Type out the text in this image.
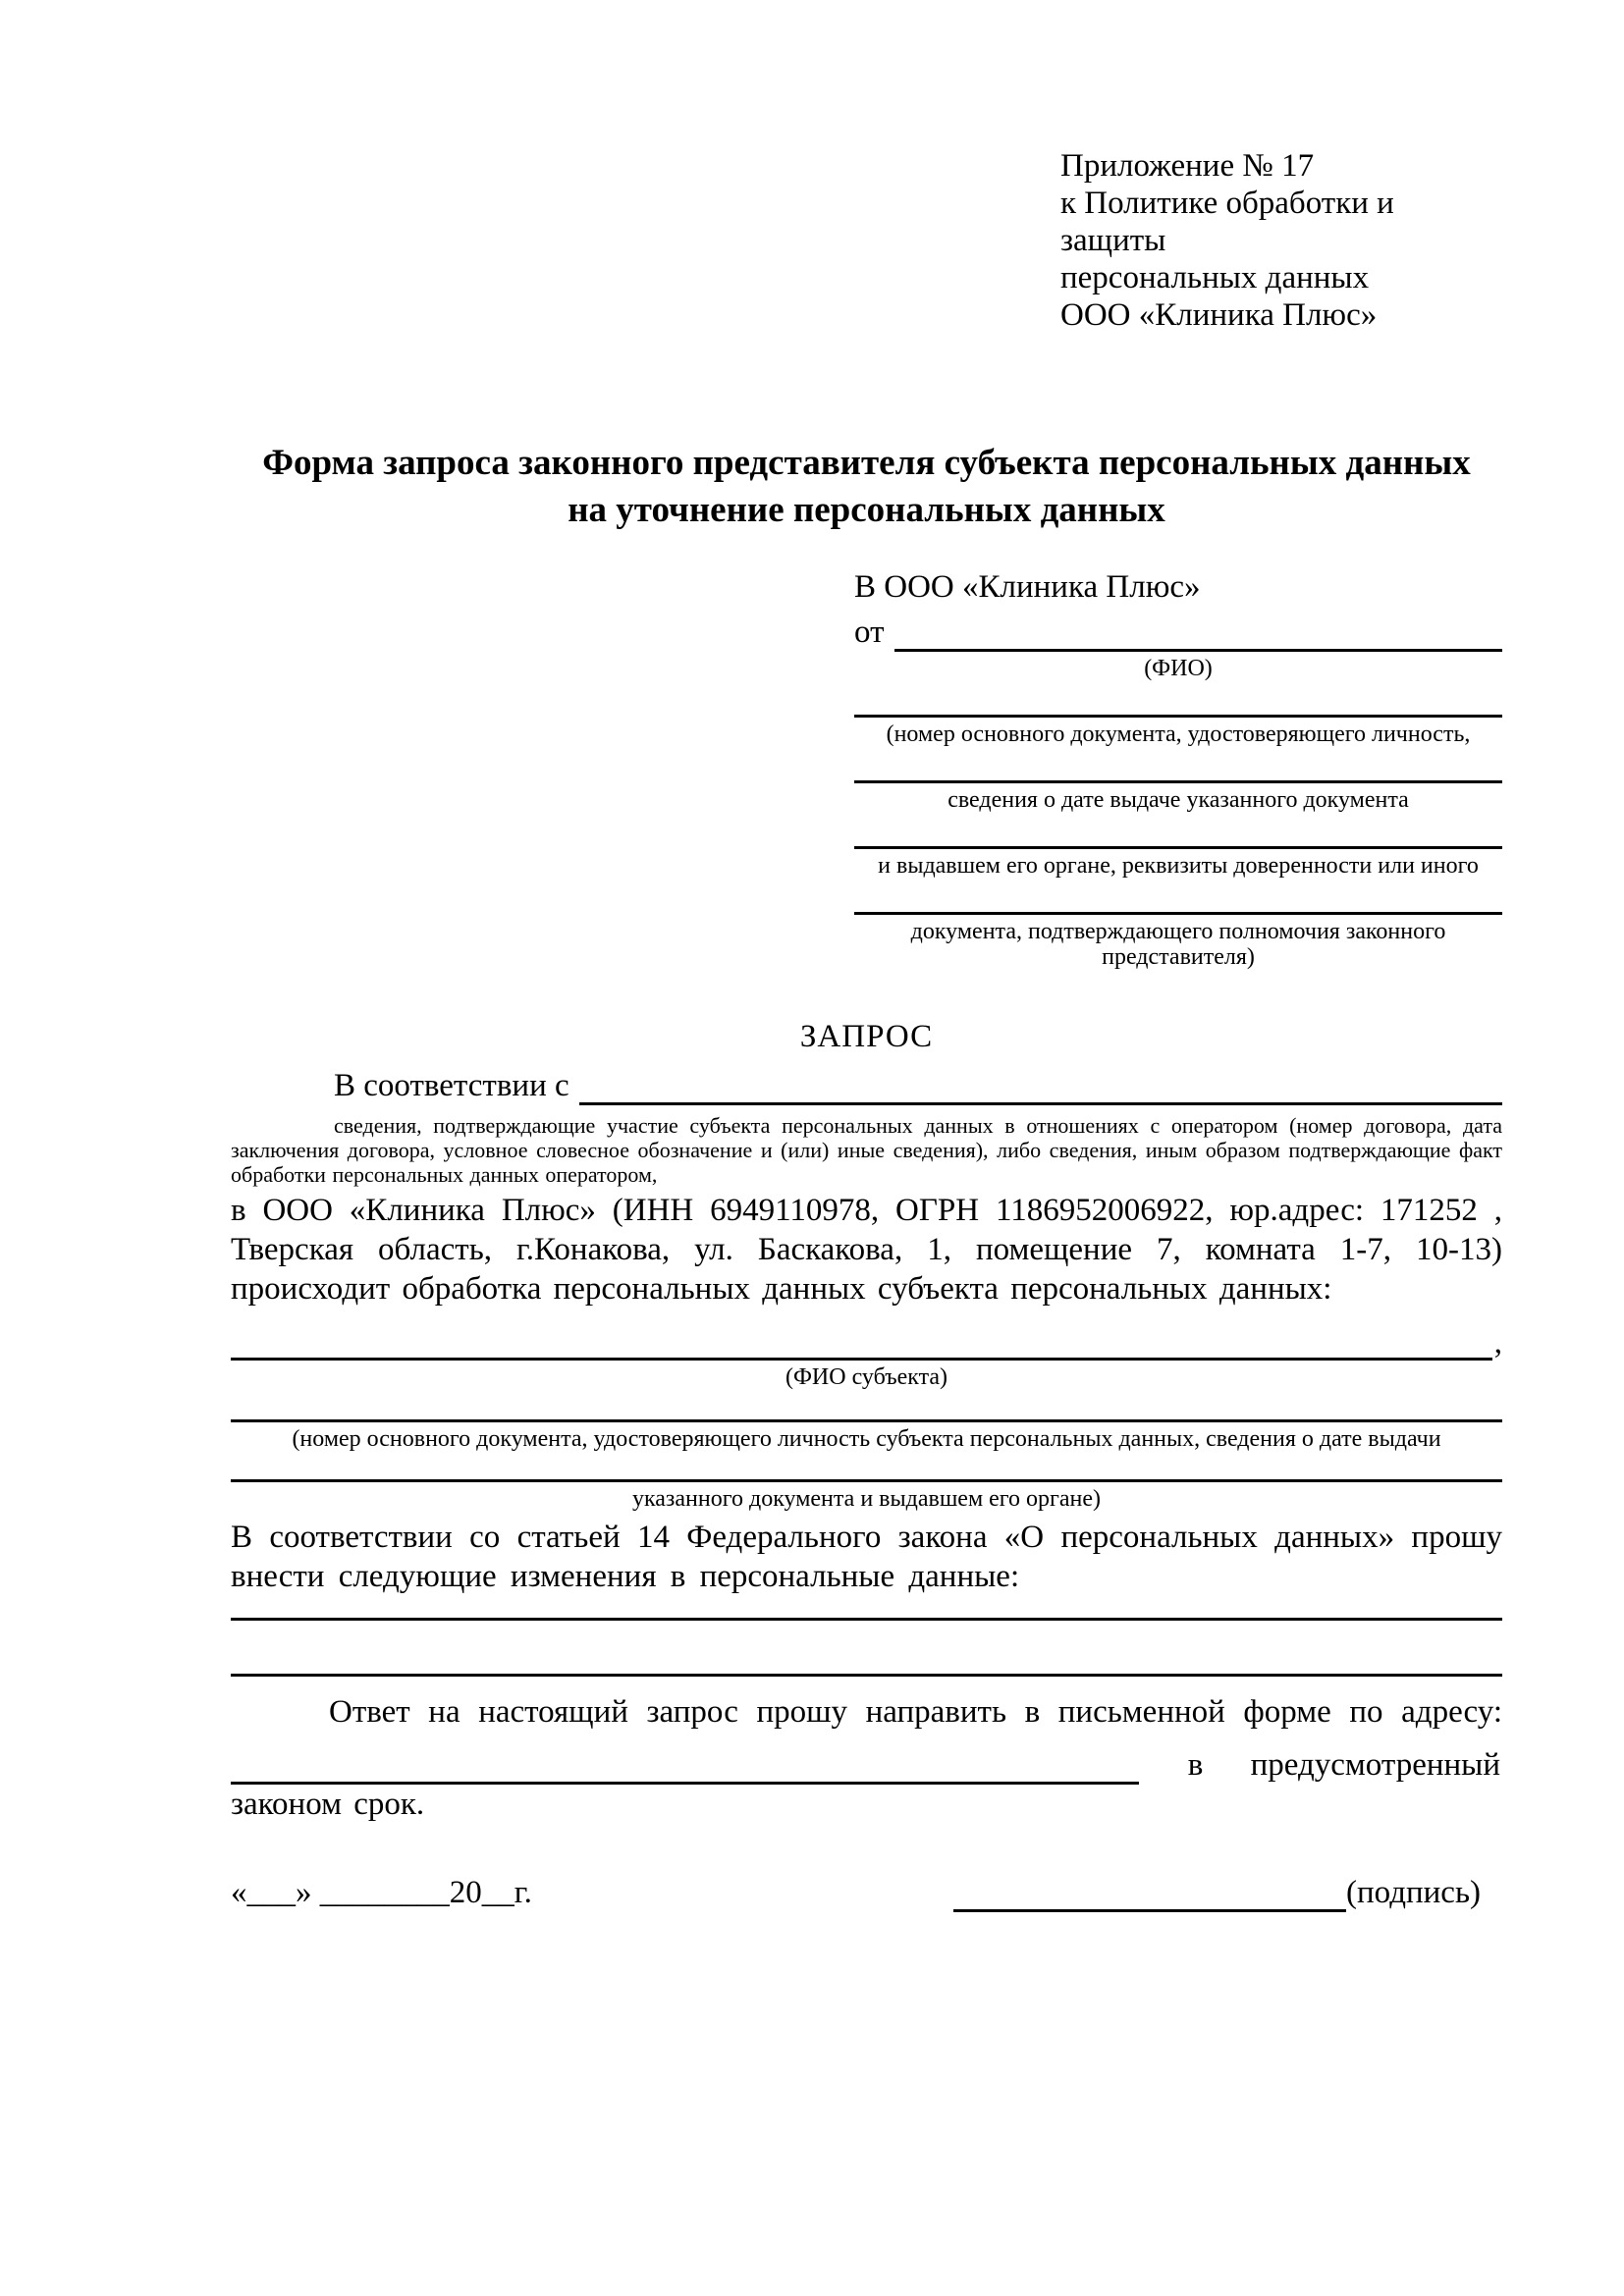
Приложение № 17
к Политике обработки и защиты
персональных данных
ООО «Клиника Плюс»
Форма запроса законного представителя субъекта персональных данных
на уточнение персональных данных
В ООО «Клиника Плюс»
от
(ФИО)
(номер основного документа, удостоверяющего личность,
сведения о дате выдаче указанного документа
и выдавшем его органе, реквизиты доверенности или иного
документа, подтверждающего полномочия законного представителя)
ЗАПРОС
В соответствии с

сведения, подтверждающие участие субъекта персональных данных в отношениях с оператором (номер договора, дата заключения договора, условное словесное обозначение и (или) иные сведения), либо сведения, иным образом подтверждающие факт обработки персональных данных оператором,

в ООО «Клиника Плюс» (ИНН 6949110978, ОГРН 1186952006922, юр.адрес: 171252 , Тверская область, г.Конакова, ул. Баскакова, 1, помещение 7, комната 1-7, 10-13) происходит обработка персональных данных субъекта персональных данных:

,
(ФИО субъекта)
(номер основного документа, удостоверяющего личность субъекта персональных данных, сведения о дате выдачи
указанного документа и выдавшем его органе)

В соответствии со статьей 14 Федерального закона «О персональных данных» прошу внести следующие изменения в персональные данные:

Ответ на настоящий запрос прошу направить в письменной форме по адресу:

в предусмотренный

законом срок.

«___» ________20__г.	(подпись)
